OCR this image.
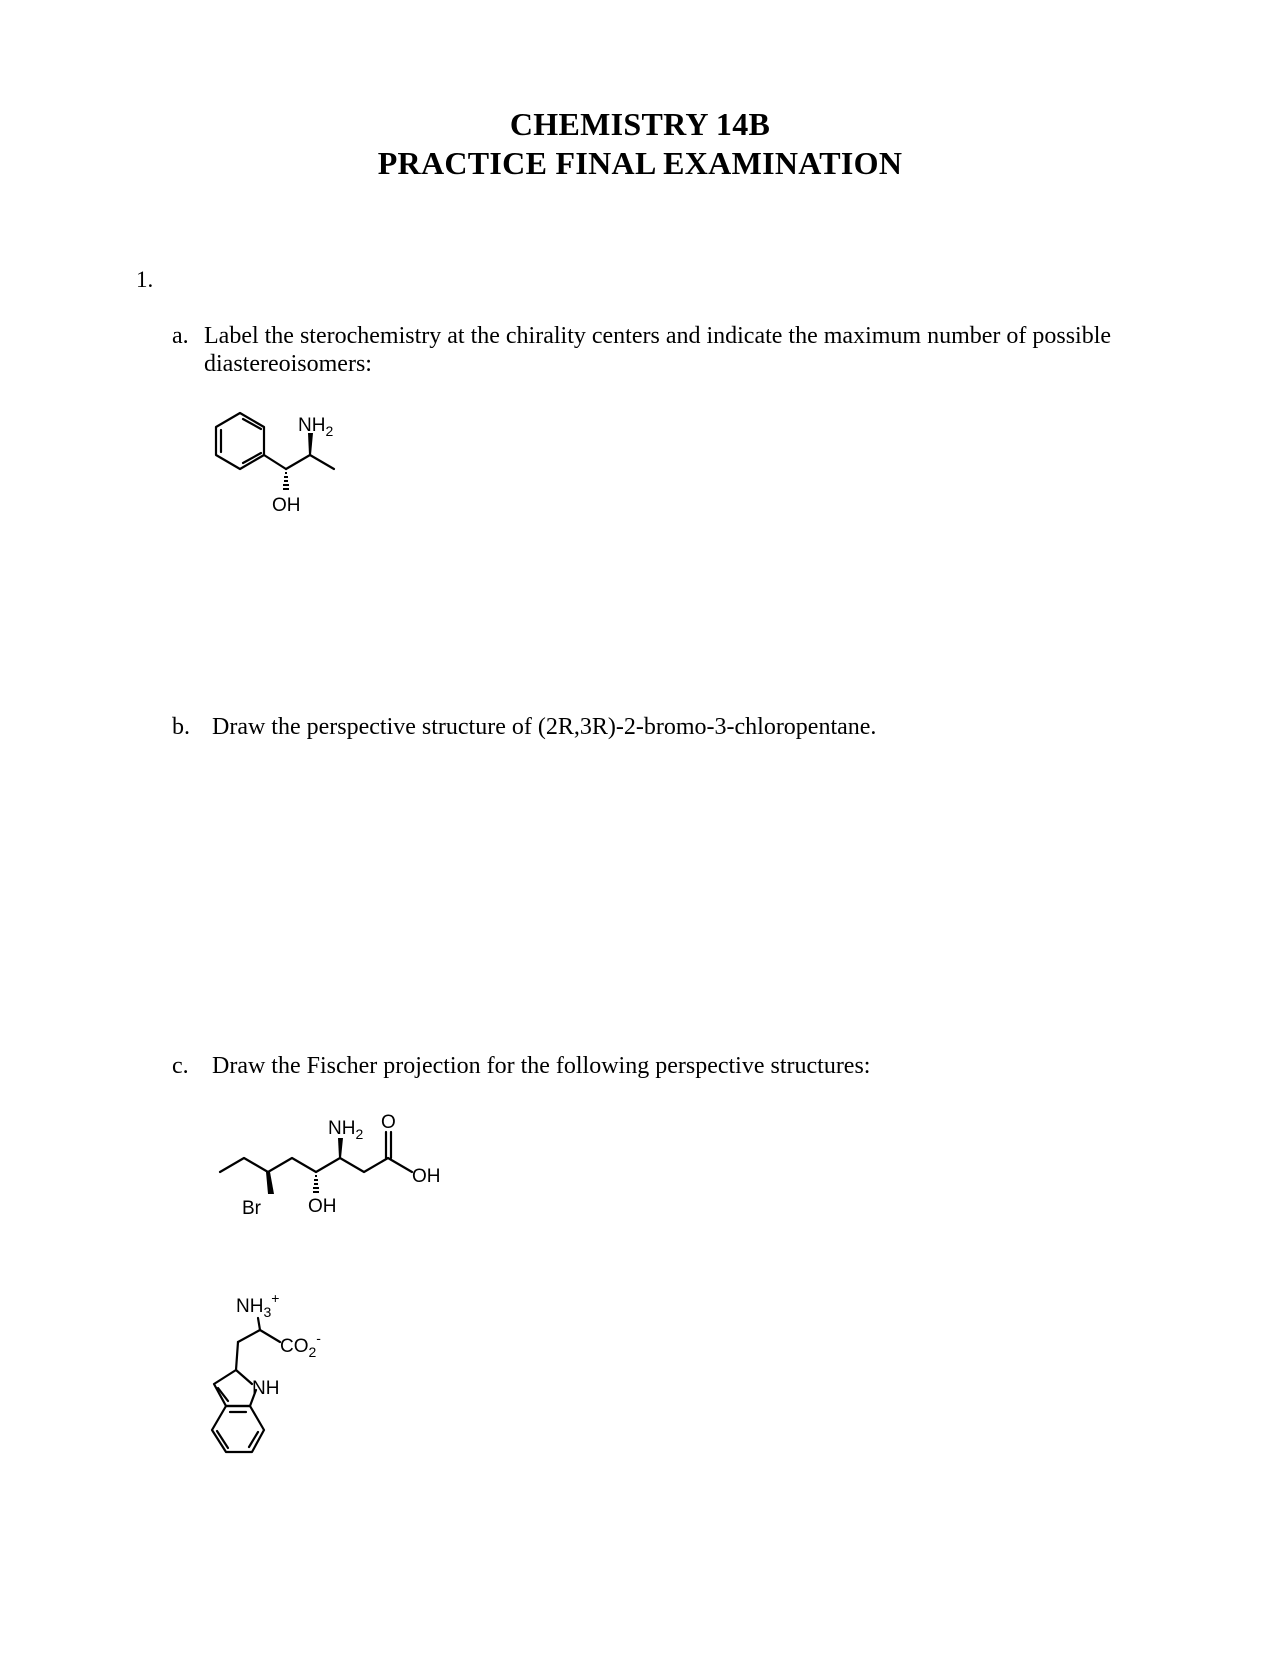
CHEMISTRY 14B
PRACTICE FINAL EXAMINATION
1.
a. Label the sterochemistry at the chirality centers and indicate the maximum number of possible diastereoisomers:
$NH_2$
OH
b. Draw the perspective structure of (2R,3R)-2-bromo-3-chloropentane.
c. Draw the Fischer projection for the following perspective structures:
$NH_2$
O
OH
Br OH
$NH_3^+$
$CO_2^-$
NH
